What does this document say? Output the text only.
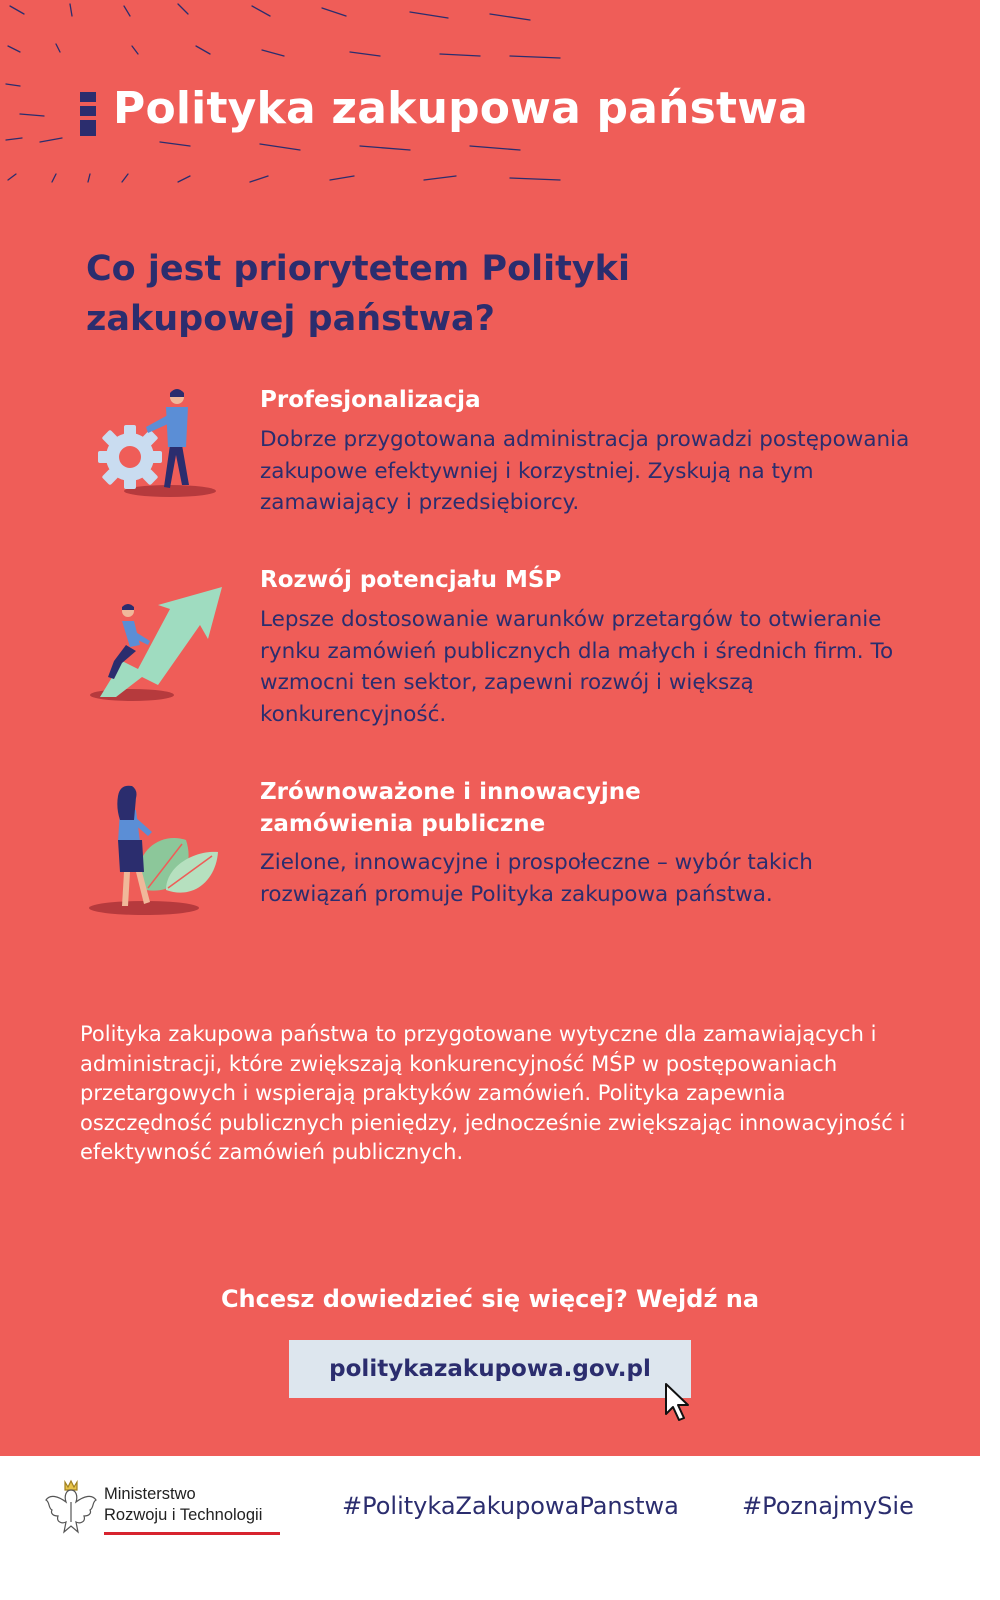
Polityka zakupowa państwa
Co jest priorytetem Polityki zakupowej państwa?
Profesjonalizacja

Dobrze przygotowana administracja prowadzi postępowania zakupowe efektywniej i korzystniej. Zyskują na tym zamawiający i przedsiębiorcy.

Rozwój potencjału MŚP

Lepsze dostosowanie warunków przetargów to otwieranie rynku zamówień publicznych dla małych i średnich firm. To wzmocni ten sektor, zapewni rozwój i większą konkurencyjność.

Zrównoważone i innowacyjne zamówienia publiczne

Zielone, innowacyjne i prospołeczne – wybór takich rozwiązań promuje Polityka zakupowa państwa.

Polityka zakupowa państwa to przygotowane wytyczne dla zamawiających i administracji, które zwiększają konkurencyjność MŚP w postępowaniach przetargowych i wspierają praktyków zamówień. Polityka zapewnia oszczędność publicznych pieniędzy, jednocześnie zwiększając innowacyjność i efektywność zamówień publicznych.

Chcesz dowiedzieć się więcej? Wejdź na

politykazakupowa.gov.pl
Ministerstwo
Rozwoju i Technologii	#PolitykaZakupowaPanstwa	#PoznajmySie
